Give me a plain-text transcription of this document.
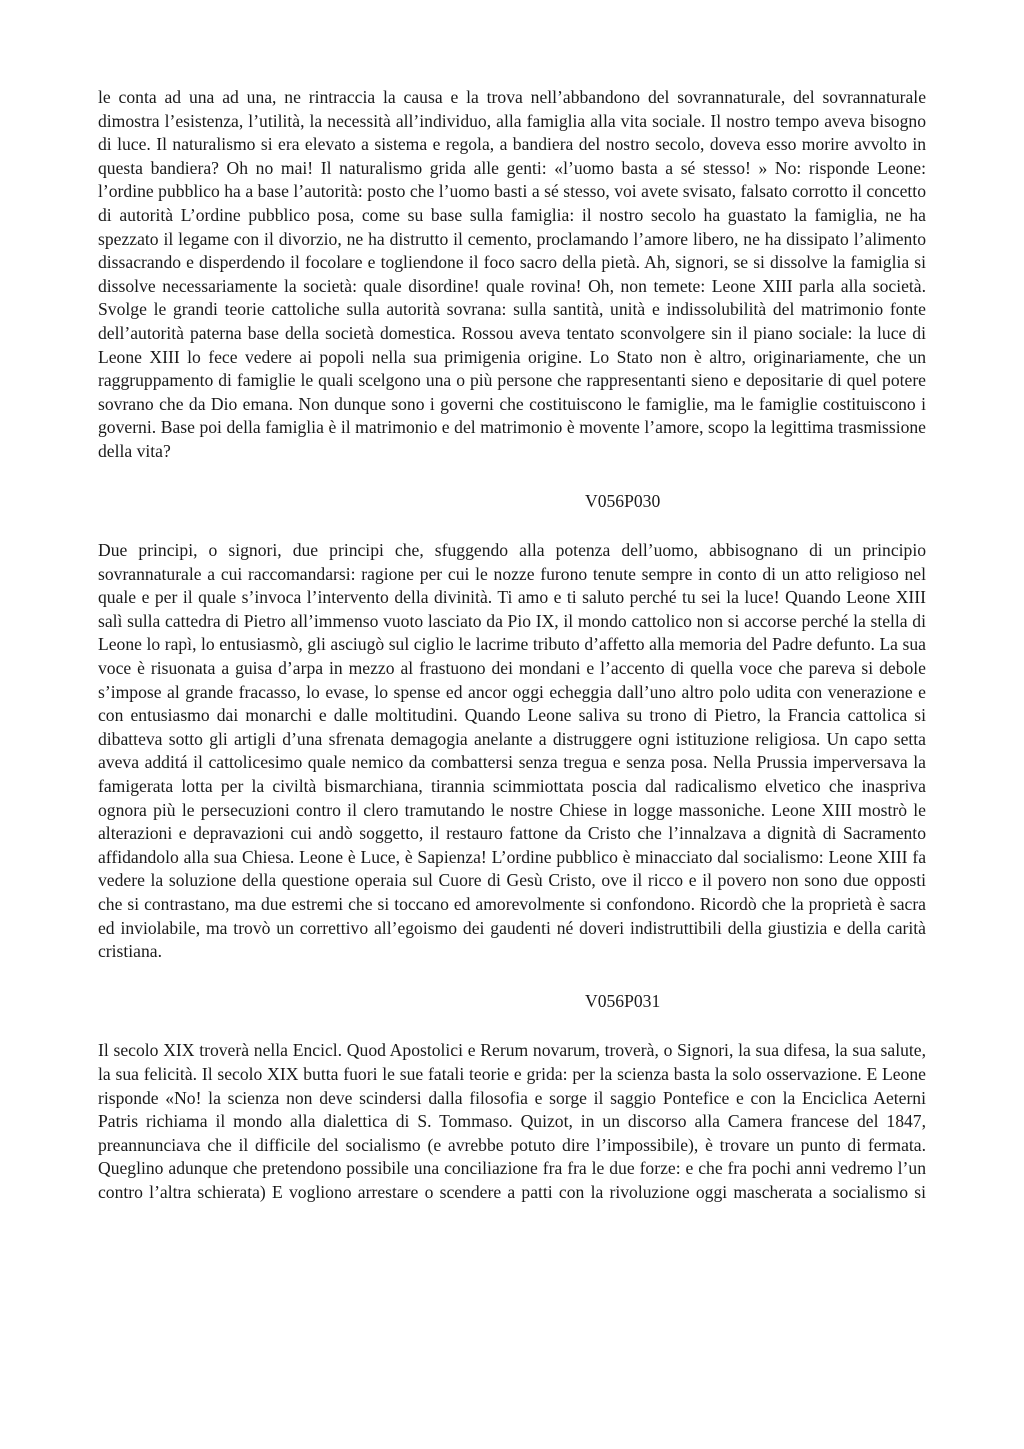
le conta ad una ad una, ne rintraccia la causa e la trova nell’abbandono del sovrannaturale, del sovrannaturale dimostra l’esistenza, l’utilità, la necessità all’individuo, alla famiglia alla vita sociale. Il nostro tempo aveva bisogno di luce. Il naturalismo si era elevato a sistema e regola, a bandiera del nostro secolo, doveva esso morire avvolto in questa bandiera? Oh no mai! Il naturalismo grida alle genti: «l’uomo basta a sé stesso! » No: risponde Leone: l’ordine pubblico ha a base l’autorità: posto che l’uomo basti a sé stesso, voi avete svisato, falsato corrotto il concetto di autorità L’ordine pubblico posa, come su base sulla famiglia: il nostro secolo ha guastato la famiglia, ne ha spezzato il legame con il divorzio, ne ha distrutto il cemento, proclamando l’amore libero, ne ha dissipato l’alimento dissacrando e disperdendo il focolare e togliendone il foco sacro della pietà. Ah, signori, se si dissolve la famiglia si dissolve necessariamente la società: quale disordine! quale rovina! Oh, non temete: Leone XIII parla alla società. Svolge le grandi teorie cattoliche sulla autorità sovrana: sulla santità, unità e indissolubilità del matrimonio fonte dell’autorità paterna base della società domestica. Rossou aveva tentato sconvolgere sin il piano sociale: la luce di Leone XIII lo fece vedere ai popoli nella sua primigenia origine. Lo Stato non è altro, originariamente, che un raggruppamento di famiglie le quali scelgono una o più persone che rappresentanti sieno e depositarie di quel potere sovrano che da Dio emana. Non dunque sono i governi che costituiscono le famiglie, ma le famiglie costituiscono i governi. Base poi della famiglia è il matrimonio e del matrimonio è movente l’amore, scopo la legittima trasmissione della vita?

V056P030

Due principi, o signori, due principi che, sfuggendo alla potenza dell’uomo, abbisognano di un principio sovrannaturale a cui raccomandarsi: ragione per cui le nozze furono tenute sempre in conto di un atto religioso nel quale e per il quale s’invoca l’intervento della divinità. Ti amo e ti saluto perché tu sei la luce! Quando Leone XIII salì sulla cattedra di Pietro all’immenso vuoto lasciato da Pio IX, il mondo cattolico non si accorse perché la stella di Leone lo rapì, lo entusiasmò, gli asciugò sul ciglio le lacrime tributo d’affetto alla memoria del Padre defunto. La sua voce è risuonata a guisa d’arpa in mezzo al frastuono dei mondani e l’accento di quella voce che pareva si debole s’impose al grande fracasso, lo evase, lo spense ed ancor oggi echeggia dall’uno altro polo udita con venerazione e con entusiasmo dai monarchi e dalle moltitudini. Quando Leone saliva su trono di Pietro, la Francia cattolica si dibatteva sotto gli artigli d’una sfrenata demagogia anelante a distruggere ogni istituzione religiosa. Un capo setta aveva additá il cattolicesimo quale nemico da combattersi senza tregua e senza posa. Nella Prussia imperversava la famigerata lotta per la civiltà bismarchiana, tirannia scimmiottata poscia dal radicalismo elvetico che inaspriva ognora più le persecuzioni contro il clero tramutando le nostre Chiese in logge massoniche. Leone XIII mostrò le alterazioni e depravazioni cui andò soggetto, il restauro fattone da Cristo che l’innalzava a dignità di Sacramento affidandolo alla sua Chiesa. Leone è Luce, è Sapienza! L’ordine pubblico è minacciato dal socialismo: Leone XIII fa vedere la soluzione della questione operaia sul Cuore di Gesù Cristo, ove il ricco e il povero non sono due opposti che si contrastano, ma due estremi che si toccano ed amorevolmente si confondono. Ricordò che la proprietà è sacra ed inviolabile, ma trovò un correttivo all’egoismo dei gaudenti né doveri indistruttibili della giustizia e della carità cristiana.

V056P031

Il secolo XIX troverà nella Encicl. Quod Apostolici e Rerum novarum, troverà, o Signori, la sua difesa, la sua salute, la sua felicità. Il secolo XIX butta fuori le sue fatali teorie e grida: per la scienza basta la solo osservazione. E Leone risponde «No! la scienza non deve scindersi dalla filosofia e sorge il saggio Pontefice e con la Enciclica Aeterni Patris richiama il mondo alla dialettica di S. Tommaso. Quizot, in un discorso alla Camera francese del 1847, preannunciava che il difficile del socialismo (e avrebbe potuto dire l’impossibile), è trovare un punto di fermata. Queglino adunque che pretendono possibile una conciliazione fra fra le due forze: e che fra pochi anni vedremo l’un contro l’altra schierata) E vogliono arrestare o scendere a patti con la rivoluzione oggi mascherata a socialismo si
